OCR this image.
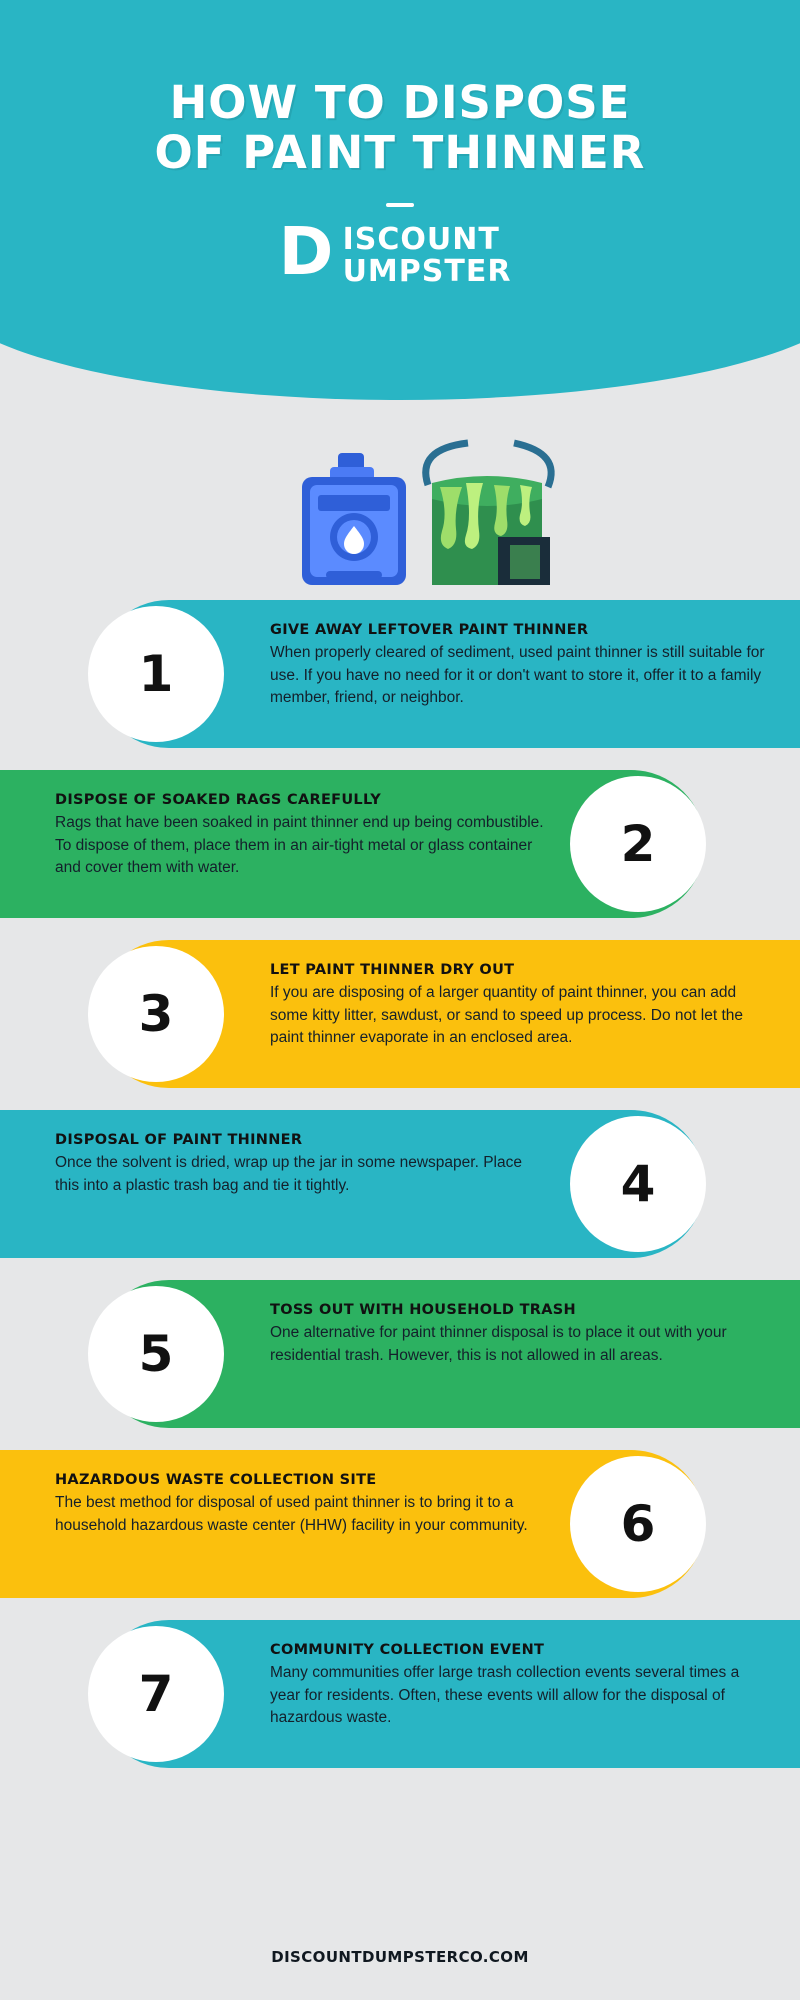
HOW TO DISPOSE
OF PAINT THINNER
D ISCOUNT
UMPSTER
GIVE AWAY LEFTOVER PAINT THINNER

When properly cleared of sediment, used paint thinner is still suitable for use. If you have no need for it or don't want to store it, offer it to a family member, friend, or neighbor.

1
DISPOSE OF SOAKED RAGS CAREFULLY

Rags that have been soaked in paint thinner end up being combustible. To dispose of them, place them in an air-tight metal or glass container and cover them with water.	2
LET PAINT THINNER DRY OUT

If you are disposing of a larger quantity of paint thinner, you can add some kitty litter, sawdust, or sand to speed up process. Do not let the paint thinner evaporate in an enclosed area.

3
DISPOSAL OF PAINT THINNER

Once the solvent is dried, wrap up the jar in some newspaper. Place this into a plastic trash bag and tie it tightly.	4
TOSS OUT WITH HOUSEHOLD TRASH

One alternative for paint thinner disposal is to place it out with your residential trash. However, this is not allowed in all areas.

5
HAZARDOUS WASTE COLLECTION SITE

The best method for disposal of used paint thinner is to bring it to a household hazardous waste center (HHW) facility in your community.	6
COMMUNITY COLLECTION EVENT

Many communities offer large trash collection events several times a year for residents. Often, these events will allow for the disposal of hazardous waste.

7
DISCOUNTDUMPSTERCO.COM
